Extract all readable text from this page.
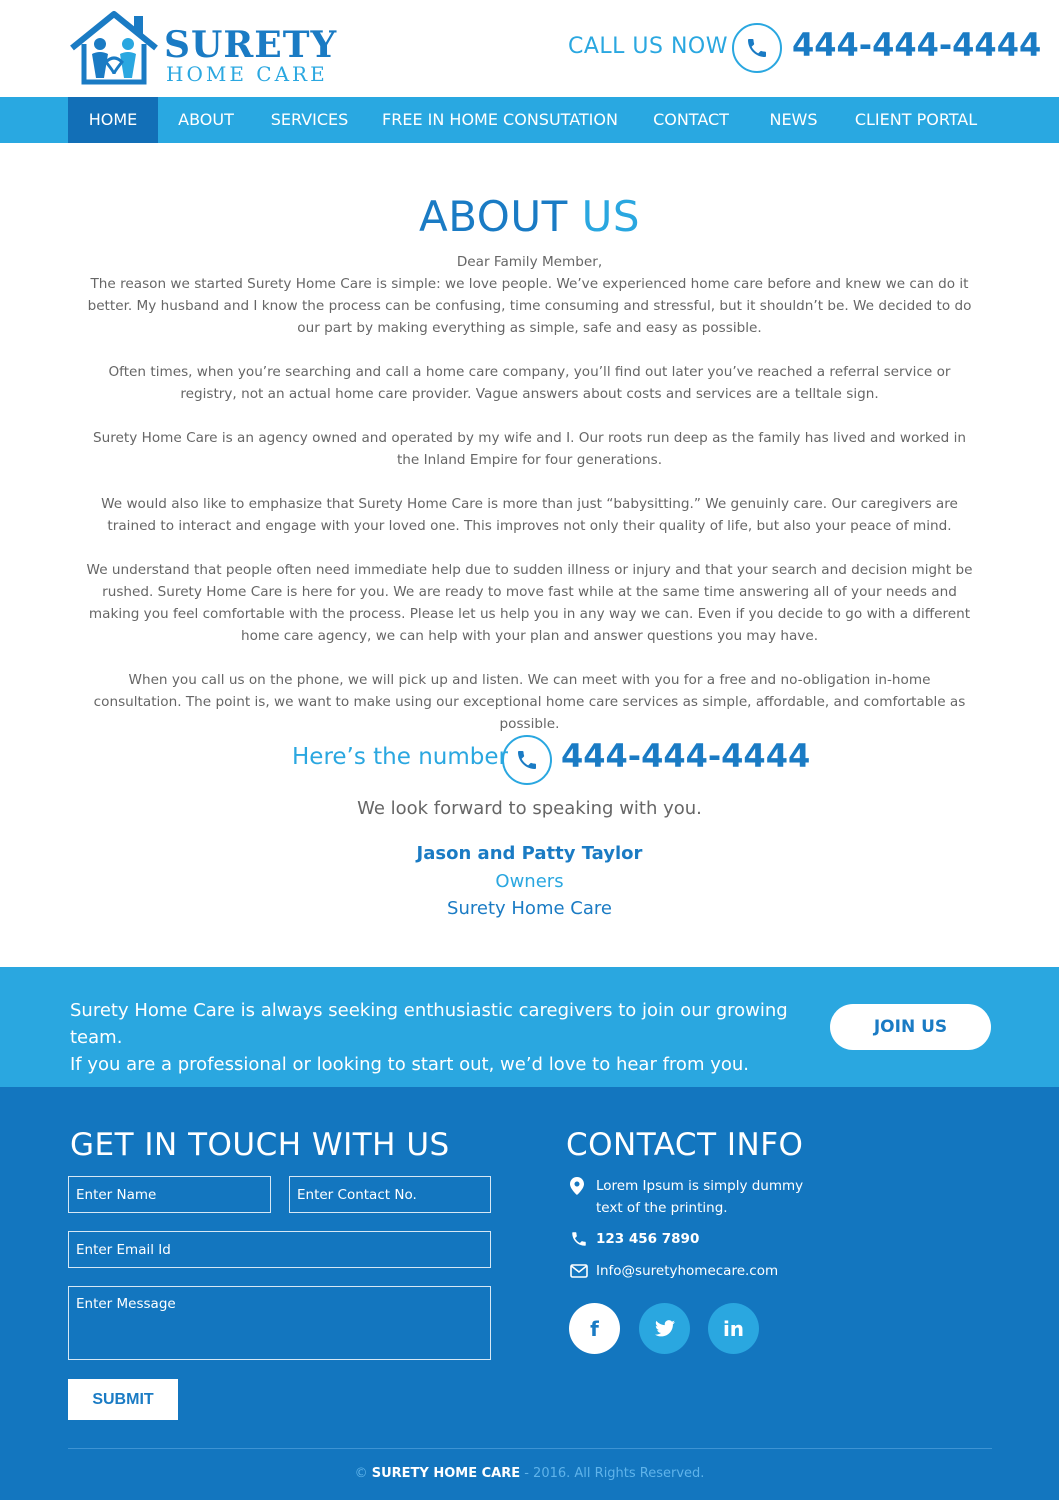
SURETY
HOME CARE
CALL US NOW 444-444-4444
HOME	ABOUT	SERVICES	FREE IN HOME CONSUTATION	CONTACT	NEWS	CLIENT PORTAL
ABOUT US
Dear Family Member,
The reason we started Surety Home Care is simple: we love people. We’ve experienced home care before and knew we can do it better. My husband and I know the process can be confusing, time consuming and stressful, but it shouldn’t be. We decided to do our part by making everything as simple, safe and easy as possible.
Often times, when you’re searching and call a home care company, you’ll find out later you’ve reached a referral service or registry, not an actual home care provider. Vague answers about costs and services are a telltale sign.
Surety Home Care is an agency owned and operated by my wife and I. Our roots run deep as the family has lived and worked in the Inland Empire for four generations.
We would also like to emphasize that Surety Home Care is more than just “babysitting.” We genuinly care. Our caregivers are trained to interact and engage with your loved one. This improves not only their quality of life, but also your peace of mind.
We understand that people often need immediate help due to sudden illness or injury and that your search and decision might be rushed. Surety Home Care is here for you. We are ready to move fast while at the same time answering all of your needs and making you feel comfortable with the process. Please let us help you in any way we can. Even if you decide to go with a different home care agency, we can help with your plan and answer questions you may have.
When you call us on the phone, we will pick up and listen. We can meet with you for a free and no-obligation in-home consultation. The point is, we want to make using our exceptional home care services as simple, affordable, and comfortable as possible.
Here’s the number 444-444-4444
We look forward to speaking with you.
Jason and Patty Taylor
Owners
Surety Home Care
Surety Home Care is always seeking enthusiastic caregivers to join our growing team.
If you are a professional or looking to start out, we’d love to hear from you.
JOIN US
GET IN TOUCH WITH US
Enter Name
Enter Contact No.
Enter Email Id
Enter Message
SUBMIT
CONTACT INFO
Lorem Ipsum is simply dummy
text of the printing.
123 456 7890
Info@suretyhomecare.com
f	in
© SURETY HOME CARE - 2016. All Rights Reserved.
